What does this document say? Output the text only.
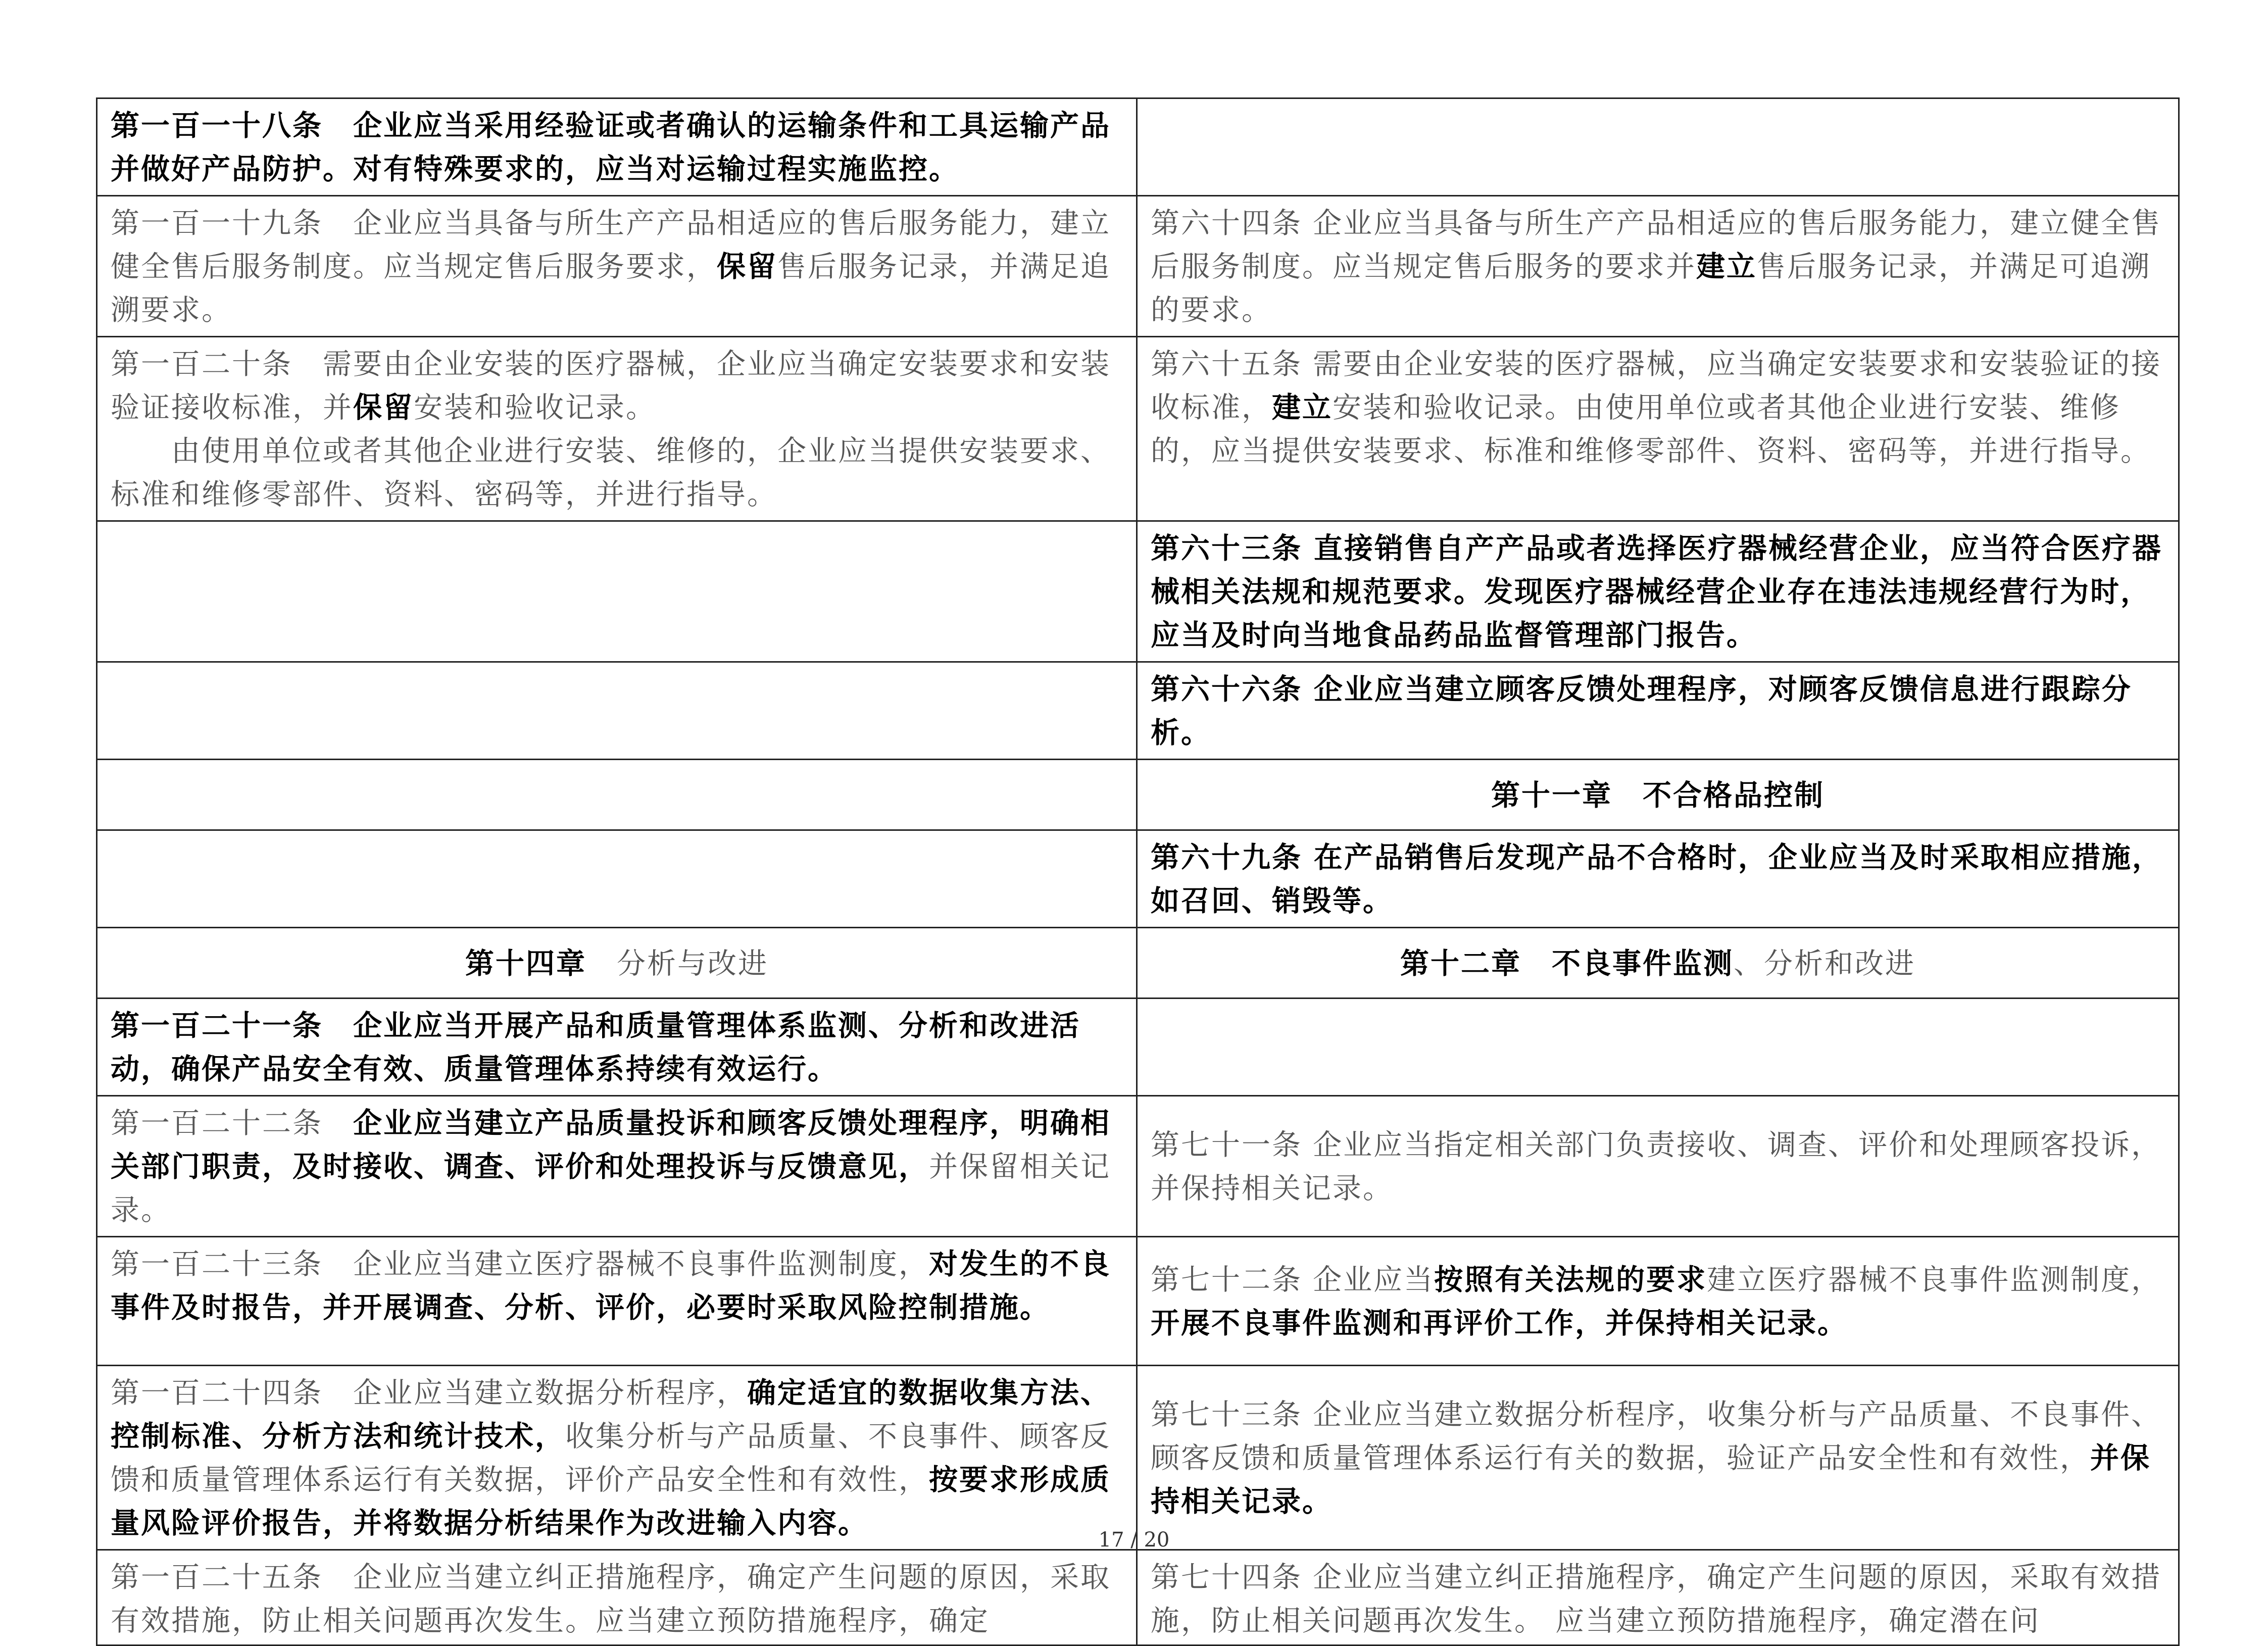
第一百一十八条　企业应当采用经验证或者确认的运输条件和工具运输产品并做好产品防护。对有特殊要求的，应当对运输过程实施监控。	

第一百一十九条　企业应当具备与所生产产品相适应的售后服务能力，建立健全售后服务制度。应当规定售后服务要求，保留售后服务记录，并满足追溯要求。	第六十四条 企业应当具备与所生产产品相适应的售后服务能力，建立健全售后服务制度。应当规定售后服务的要求并建立售后服务记录，并满足可追溯的要求。

第一百二十条　需要由企业安装的医疗器械，企业应当确定安装要求和安装验证接收标准，并保留安装和验收记录。
由使用单位或者其他企业进行安装、维修的，企业应当提供安装要求、标准和维修零部件、资料、密码等，并进行指导。	第六十五条 需要由企业安装的医疗器械，应当确定安装要求和安装验证的接收标准，建立安装和验收记录。由使用单位或者其他企业进行安装、维修的，应当提供安装要求、标准和维修零部件、资料、密码等，并进行指导。

	第六十三条 直接销售自产产品或者选择医疗器械经营企业，应当符合医疗器械相关法规和规范要求。发现医疗器械经营企业存在违法违规经营行为时，应当及时向当地食品药品监督管理部门报告。

	第六十六条 企业应当建立顾客反馈处理程序，对顾客反馈信息进行跟踪分析。

	第十一章　不合格品控制

	第六十九条 在产品销售后发现产品不合格时，企业应当及时采取相应措施，如召回、销毁等。

第十四章　分析与改进	第十二章　不良事件监测、分析和改进

第一百二十一条　企业应当开展产品和质量管理体系监测、分析和改进活动，确保产品安全有效、质量管理体系持续有效运行。	

第一百二十二条　企业应当建立产品质量投诉和顾客反馈处理程序，明确相关部门职责，及时接收、调查、评价和处理投诉与反馈意见，并保留相关记录。	第七十一条 企业应当指定相关部门负责接收、调查、评价和处理顾客投诉，并保持相关记录。

第一百二十三条　企业应当建立医疗器械不良事件监测制度，对发生的不良事件及时报告，并开展调查、分析、评价，必要时采取风险控制措施。	第七十二条 企业应当按照有关法规的要求建立医疗器械不良事件监测制度，开展不良事件监测和再评价工作，并保持相关记录。

第一百二十四条　企业应当建立数据分析程序，确定适宜的数据收集方法、控制标准、分析方法和统计技术，收集分析与产品质量、不良事件、顾客反馈和质量管理体系运行有关数据，评价产品安全性和有效性，按要求形成质量风险评价报告，并将数据分析结果作为改进输入内容。	第七十三条 企业应当建立数据分析程序，收集分析与产品质量、不良事件、顾客反馈和质量管理体系运行有关的数据，验证产品安全性和有效性，并保持相关记录。

第一百二十五条　企业应当建立纠正措施程序，确定产生问题的原因，采取有效措施，防止相关问题再次发生。应当建立预防措施程序，确定	第七十四条 企业应当建立纠正措施程序，确定产生问题的原因，采取有效措施，防止相关问题再次发生。 应当建立预防措施程序，确定潜在问
17 / 20
